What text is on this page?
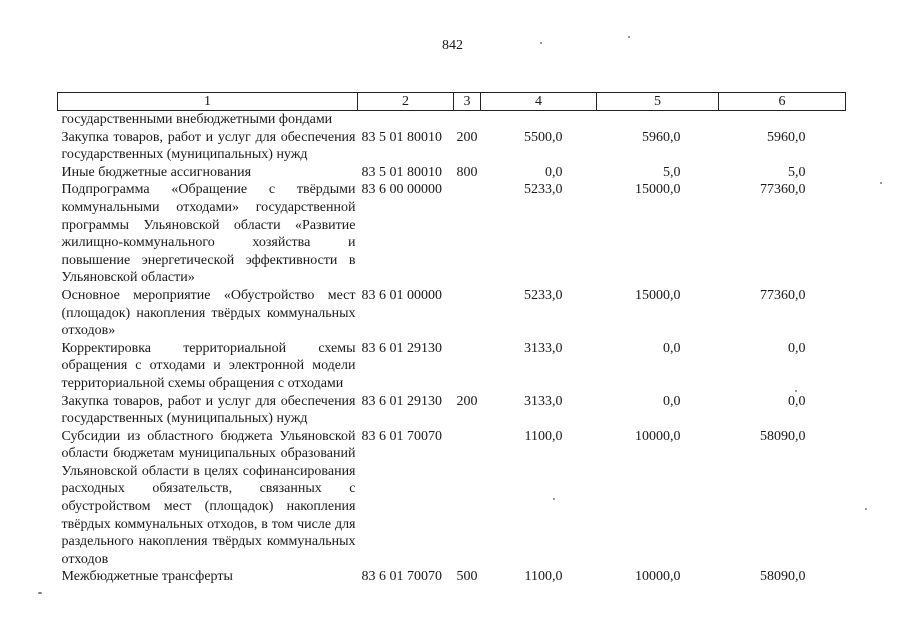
842
1	2	3	4	5	6
государственными внебюджетными фондами					
Закупка товаров, работ и услуг для обеспечения государственных (муниципальных) нужд	83 5 01 80010	200	5500,0	5960,0	5960,0
Иные бюджетные ассигнования	83 5 01 80010	800	0,0	5,0	5,0
Подпрограмма «Обращение с твёрдыми коммунальными отходами» государственной программы Ульяновской области «Развитие жилищно-коммунального хозяйства и повышение энергетической эффективности в Ульяновской области»	83 6 00 00000		5233,0	15000,0	77360,0
Основное мероприятие «Обустройство мест (площадок) накопления твёрдых коммунальных отходов»	83 6 01 00000		5233,0	15000,0	77360,0
Корректировка территориальной схемы обращения с отходами и электронной модели территориальной схемы обращения с отходами	83 6 01 29130		3133,0	0,0	0,0
Закупка товаров, работ и услуг для обеспечения государственных (муниципальных) нужд	83 6 01 29130	200	3133,0	0,0	0,0
Субсидии из областного бюджета Ульяновской области бюджетам муниципальных образований Ульяновской области в целях софинансирования расходных обязательств, связанных с обустройством мест (площадок) накопления твёрдых коммунальных отходов, в том числе для раздельного накопления твёрдых коммунальных отходов	83 6 01 70070		1100,0	10000,0	58090,0
Межбюджетные трансферты	83 6 01 70070	500	1100,0	10000,0	58090,0
